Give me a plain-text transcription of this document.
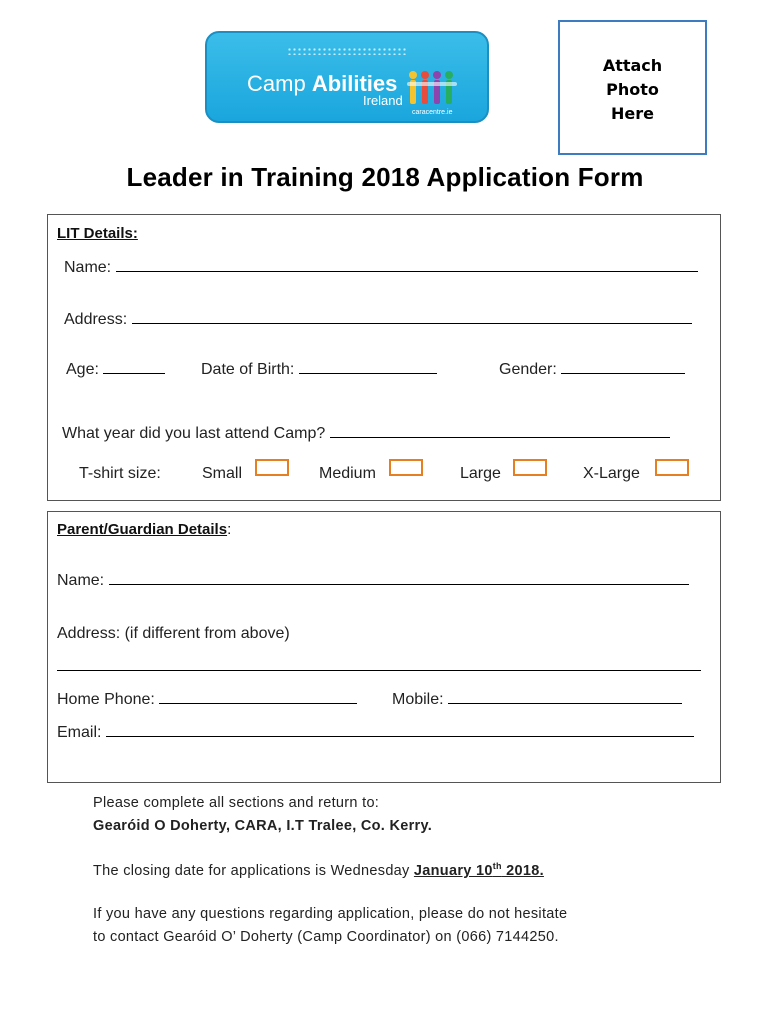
Camp Abilities
Ireland
caracentre.ie
Attach
Photo
Here
Leader in Training 2018 Application Form
LIT Details:
Name:
Address:
Age:	Date of Birth:	Gender:
What year did you last attend Camp?
T-shirt size:	Small	Medium	Large	X-Large
Parent/Guardian Details:
Name:
Address: (if different from above)
Home Phone:	Mobile:
Email:
Please complete all sections and return to:
Gearóid O Doherty, CARA, I.T Tralee, Co. Kerry.
The closing date for applications is Wednesday January 10th 2018.
If you have any questions regarding application, please do not hesitate
to contact Gearóid O’ Doherty (Camp Coordinator) on (066) 7144250.
